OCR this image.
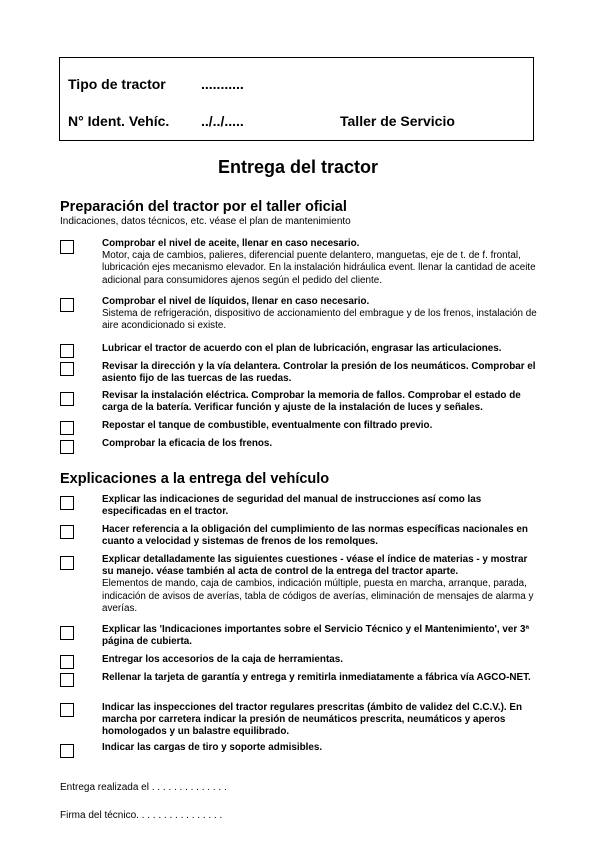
Tipo de tractor	...........
N° Ident. Vehíc. ../../.....	Taller de Servicio
Entrega del tractor
Preparación del tractor por el taller oficial
Indicaciones, datos técnicos, etc. véase el plan de mantenimiento
Comprobar el nivel de aceite, llenar en caso necesario.
Motor, caja de cambios, palieres, diferencial puente delantero, manguetas, eje de t. de f. frontal, lubricación ejes mecanismo elevador. En la instalación hidráulica event. llenar la cantidad de aceite adicional para consumidores ajenos según el pedido del cliente.
Comprobar el nivel de líquidos, llenar en caso necesario.
Sistema de refrigeración, dispositivo de accionamiento del embrague y de los frenos, instalación de aire acondicionado si existe.
Lubricar el tractor de acuerdo con el plan de lubricación, engrasar las articulaciones.
Revisar la dirección y la vía delantera. Controlar la presión de los neumáticos. Comprobar el asiento fijo de las tuercas de las ruedas.
Revisar la instalación eléctrica. Comprobar la memoria de fallos. Comprobar el estado de carga de la batería. Verificar función y ajuste de la instalación de luces y señales.
Repostar el tanque de combustible, eventualmente con filtrado previo.
Comprobar la eficacia de los frenos.
Explicaciones a la entrega del vehículo
Explicar las indicaciones de seguridad del manual de instrucciones así como las especificadas en el tractor.
Hacer referencia a la obligación del cumplimiento de las normas específicas nacionales en cuanto a velocidad y sistemas de frenos de los remolques.
Explicar detalladamente las siguientes cuestiones - véase el índice de materias - y mostrar su manejo. véase también al acta de control de la entrega del tractor aparte.
Elementos de mando, caja de cambios, indicación múltiple, puesta en marcha, arranque, parada, indicación de avisos de averías, tabla de códigos de averías, eliminación de mensajes de alarma y averías.
Explicar las 'Indicaciones importantes sobre el Servicio Técnico y el Mantenimiento', ver 3ª página de cubierta.
Entregar los accesorios de la caja de herramientas.
Rellenar la tarjeta de garantía y entrega y remitirla inmediatamente a fábrica vía AGCO-NET.
Indicar las inspecciones del tractor regulares prescritas (ámbito de validez del C.C.V.). En marcha por carretera indicar la presión de neumáticos prescrita, neumáticos y aperos homologados y un balastre equilibrado.
Indicar las cargas de tiro y soporte admisibles.
Entrega realizada el . . . . . . . . . . . . . .
Firma del técnico. . . . . . . . . . . . . . . .
